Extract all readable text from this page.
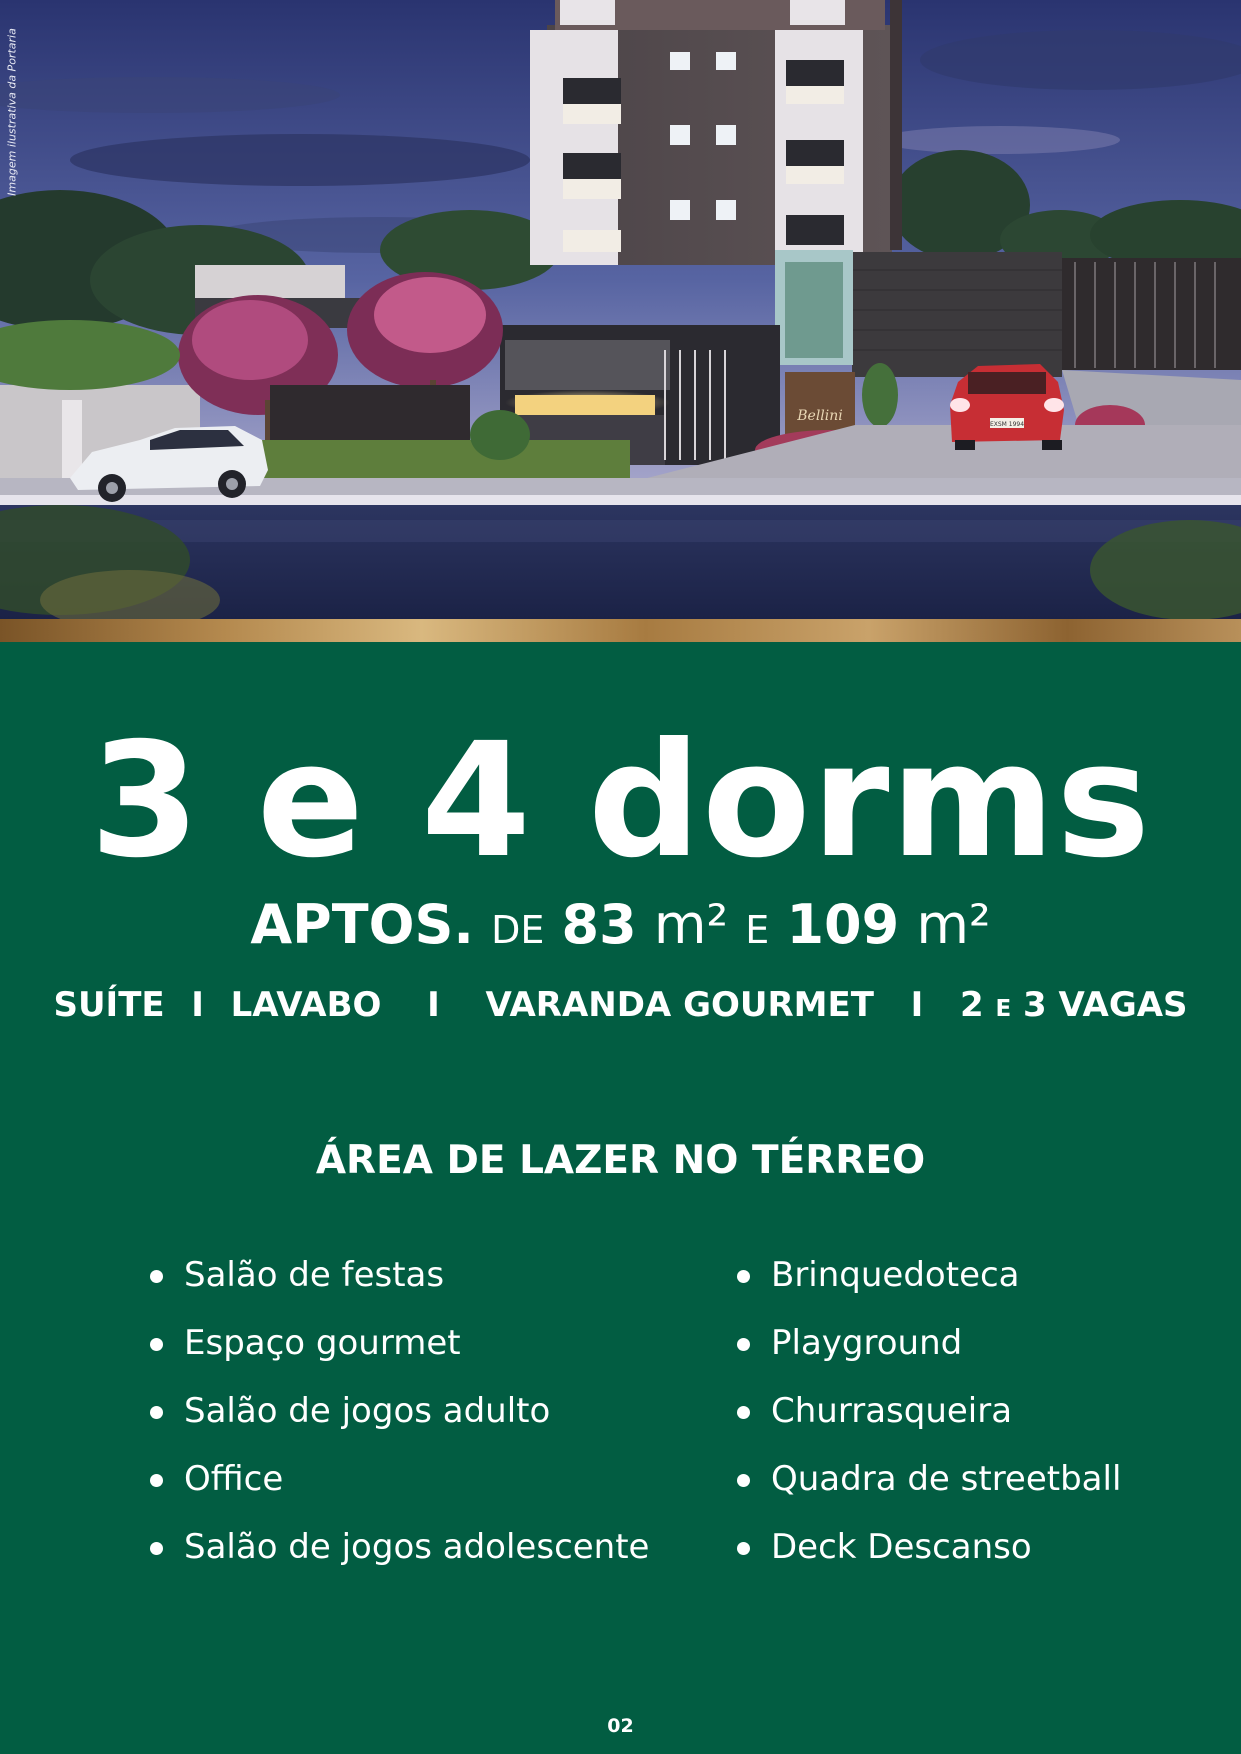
Bellini
EXSM 1994
Imagem ilustrativa da Portaria
3 e 4 dorms
APTOS. DE 83 m² E 109 m²
SUÍTE I LAVABO I VARANDA GOURMET I 2 E 3 VAGAS
ÁREA DE LAZER NO TÉRREO
Salão de festas
Espaço gourmet
Salão de jogos adulto
Office
Salão de jogos adolescente
Brinquedoteca
Playground
Churrasqueira
Quadra de streetball
Deck Descanso
02
